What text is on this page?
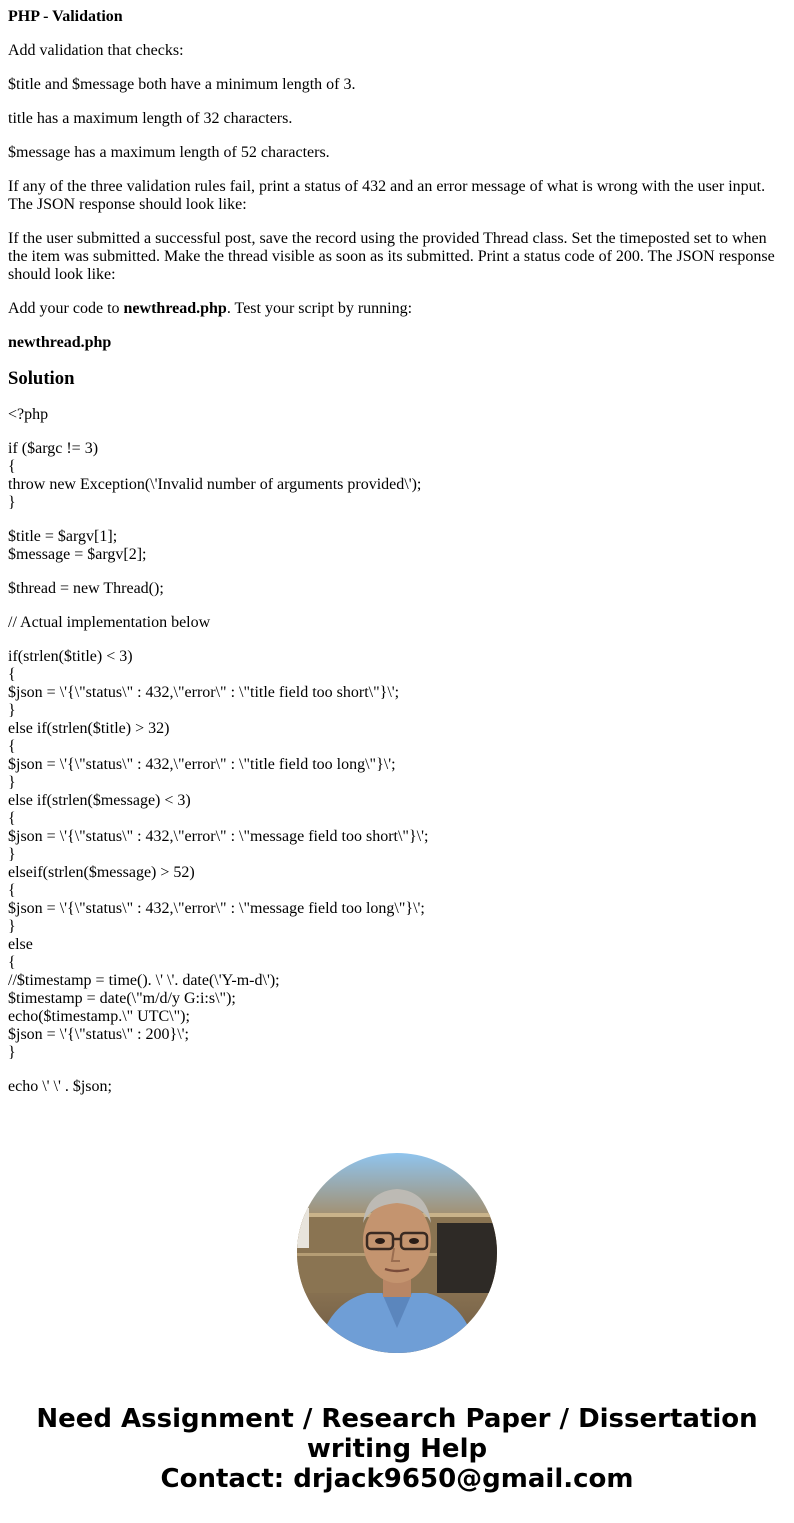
PHP - Validation
Add validation that checks:
$title and $message both have a minimum length of 3.
title has a maximum length of 32 characters.
$message has a maximum length of 52 characters.
If any of the three validation rules fail, print a status of 432 and an error message of what is wrong with the user input. The JSON response should look like:
If the user submitted a successful post, save the record using the provided Thread class. Set the timeposted set to when the item was submitted. Make the thread visible as soon as its submitted. Print a status code of 200. The JSON response should look like:
Add your code to newthread.php. Test your script by running:
newthread.php
Solution
<?php
if ($argc != 3)
{
throw new Exception(\'Invalid number of arguments provided\');
}
$title = $argv[1];
$message = $argv[2];
$thread = new Thread();
// Actual implementation below
if(strlen($title) < 3)
{
$json = \'{\"status\" : 432,\"error\" : \"title field too short\"}\';
}
else if(strlen($title) > 32)
{
$json = \'{\"status\" : 432,\"error\" : \"title field too long\"}\';
}
else if(strlen($message) < 3)
{
$json = \'{\"status\" : 432,\"error\" : \"message field too short\"}\';
}
elseif(strlen($message) > 52)
{
$json = \'{\"status\" : 432,\"error\" : \"message field too long\"}\';
}
else
{
//$timestamp = time(). \' \'. date(\'Y-m-d\');
$timestamp = date(\"m/d/y G:i:s\");
echo($timestamp.\" UTC\");
$json = \'{\"status\" : 200}\';
}
echo \' \' . $json;
Need Assignment / Research Paper / Dissertation
writing Help
Contact: drjack9650@gmail.com
